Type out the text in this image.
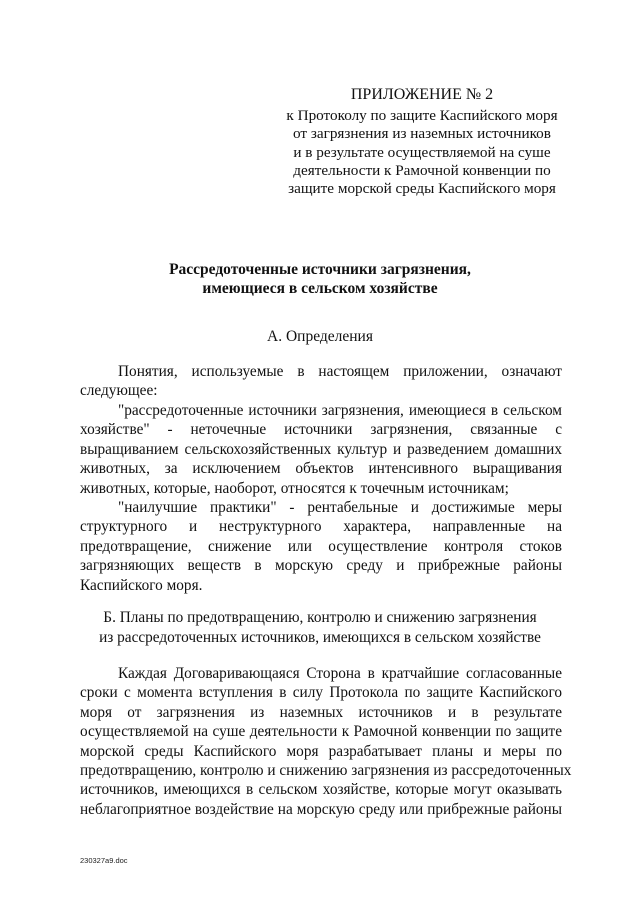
ПРИЛОЖЕНИЕ № 2
к Протоколу по защите Каспийского моря
от загрязнения из наземных источников
и в результате осуществляемой на суше
деятельности к Рамочной конвенции по
защите морской среды Каспийского моря
Рассредоточенные источники загрязнения,
имеющиеся в сельском хозяйстве
А. Определения
Понятия, используемые в настоящем приложении, означают
следующее:
"рассредоточенные источники загрязнения, имеющиеся в сельском
хозяйстве" - неточечные источники загрязнения, связанные с
выращиванием сельскохозяйственных культур и разведением домашних
животных, за исключением объектов интенсивного выращивания
животных, которые, наоборот, относятся к точечным источникам;
"наилучшие практики" - рентабельные и достижимые меры
структурного и неструктурного характера, направленные на
предотвращение, снижение или осуществление контроля стоков
загрязняющих веществ в морскую среду и прибрежные районы
Каспийского моря.
Б. Планы по предотвращению, контролю и снижению загрязнения
из рассредоточенных источников, имеющихся в сельском хозяйстве
Каждая Договаривающаяся Сторона в кратчайшие согласованные
сроки с момента вступления в силу Протокола по защите Каспийского
моря от загрязнения из наземных источников и в результате
осуществляемой на суше деятельности к Рамочной конвенции по защите
морской среды Каспийского моря разрабатывает планы и меры по
предотвращению, контролю и снижению загрязнения из рассредоточенных
источников, имеющихся в сельском хозяйстве, которые могут оказывать
неблагоприятное воздействие на морскую среду или прибрежные районы
230327a9.doc
